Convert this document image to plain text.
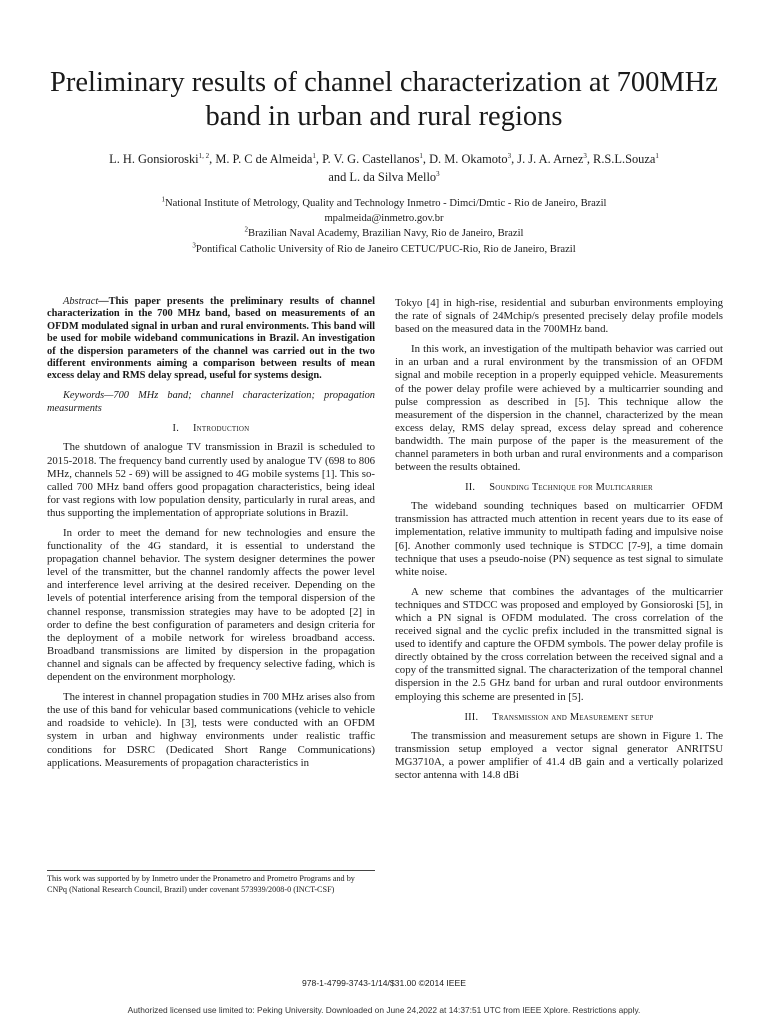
Preliminary results of channel characterization at 700MHz band in urban and rural regions
L. H. Gonsioroski$^{1, 2}$, M. P. C de Almeida$^1$, P. V. G. Castellanos$^1$, D. M. Okamoto$^3$, J. J. A. Arnez$^3$, R.S.L.Souza$^1$
and L. da Silva Mello$^3$
$^1$National Institute of Metrology, Quality and Technology Inmetro - Dimci/Dmtic - Rio de Janeiro, Brazil
mpalmeida@inmetro.gov.br
$^2$Brazilian Naval Academy, Brazilian Navy, Rio de Janeiro, Brazil
$^3$Pontifical Catholic University of Rio de Janeiro CETUC/PUC-Rio, Rio de Janeiro, Brazil

Abstract—This paper presents the preliminary results of channel characterization in the 700 MHz band, based on measurements of an OFDM modulated signal in urban and rural environments. This band will be used for mobile wideband communications in Brazil. An investigation of the dispersion parameters of the channel was carried out in the two different environments aiming a comparison between results of mean excess delay and RMS delay spread, useful for systems design.

Keywords—700 MHz band; channel characterization; propagation measurments

I. Introduction

The shutdown of analogue TV transmission in Brazil is scheduled to 2015-2018. The frequency band currently used by analogue TV (698 to 806 MHz, channels 52 - 69) will be assigned to 4G mobile systems [1]. This so-called 700 MHz band offers good propagation characteristics, being ideal for vast regions with low population density, particularly in rural areas, and thus supporting the implementation of appropriate solutions in Brazil.

In order to meet the demand for new technologies and ensure the functionality of the 4G standard, it is essential to understand the propagation channel behavior. The system designer determines the power level of the transmitter, but the channel randomly affects the power level and interference level arriving at the desired receiver. Depending on the levels of potential interference arising from the temporal dispersion of the channel response, transmission strategies may have to be adopted [2] in order to define the best configuration of parameters and design criteria for the deployment of a mobile network for wireless broadband access. Broadband transmissions are limited by dispersion in the propagation channel and signals can be affected by frequency selective fading, which is dependent on the environment morphology.

The interest in channel propagation studies in 700 MHz arises also from the use of this band for vehicular based communications (vehicle to vehicle and roadside to vehicle). In [3], tests were conducted with an OFDM system in urban and highway environments under realistic traffic conditions for DSRC (Dedicated Short Range Communications) applications. Measurements of propagation characteristics in

This work was supported by by Inmetro under the Pronametro and Prometro Programs and by CNPq (National Research Council, Brazil) under covenant 573939/2008-0 (INCT-CSF)

Tokyo [4] in high-rise, residential and suburban environments employing the rate of signals of 24Mchip/s presented precisely delay profile models based on the measured data in the 700MHz band.

In this work, an investigation of the multipath behavior was carried out in an urban and a rural environment by the transmission of an OFDM signal and mobile reception in a properly equipped vehicle. Measurements of the power delay profile were achieved by a multicarrier sounding and pulse compression as described in [5]. This technique allow the measurement of the dispersion in the channel, characterized by the mean excess delay, RMS delay spread, excess delay spread and coherence bandwidth. The main purpose of the paper is the measurement of the channel parameters in both urban and rural environments and a comparison between the results obtained.

II. Sounding Technique for Multicarrier

The wideband sounding techniques based on multicarrier OFDM transmission has attracted much attention in recent years due to its ease of implementation, relative immunity to multipath fading and impulsive noise [6]. Another commonly used technique is STDCC [7-9], a time domain technique that uses a pseudo-noise (PN) sequence as test signal to simulate white noise.

A new scheme that combines the advantages of the multicarrier techniques and STDCC was proposed and employed by Gonsioroski [5], in which a PN signal is OFDM modulated. The cross correlation of the received signal and the cyclic prefix included in the transmitted signal is used to identify and capture the OFDM symbols. The power delay profile is directly obtained by the cross correlation between the received signal and a copy of the transmitted signal. The characterization of the temporal channel dispersion in the 2.5 GHz band for urban and rural outdoor environments employing this scheme are presented in [5].

III. Transmission and Measurement setup

The transmission and measurement setups are shown in Figure 1. The transmission setup employed a vector signal generator ANRITSU MG3710A, a power amplifier of 41.4 dB gain and a vertically polarized sector antenna with 14.8 dBi

978-1-4799-3743-1/14/$31.00 ©2014 IEEE
Authorized licensed use limited to: Peking University. Downloaded on June 24,2022 at 14:37:51 UTC from IEEE Xplore. Restrictions apply.
